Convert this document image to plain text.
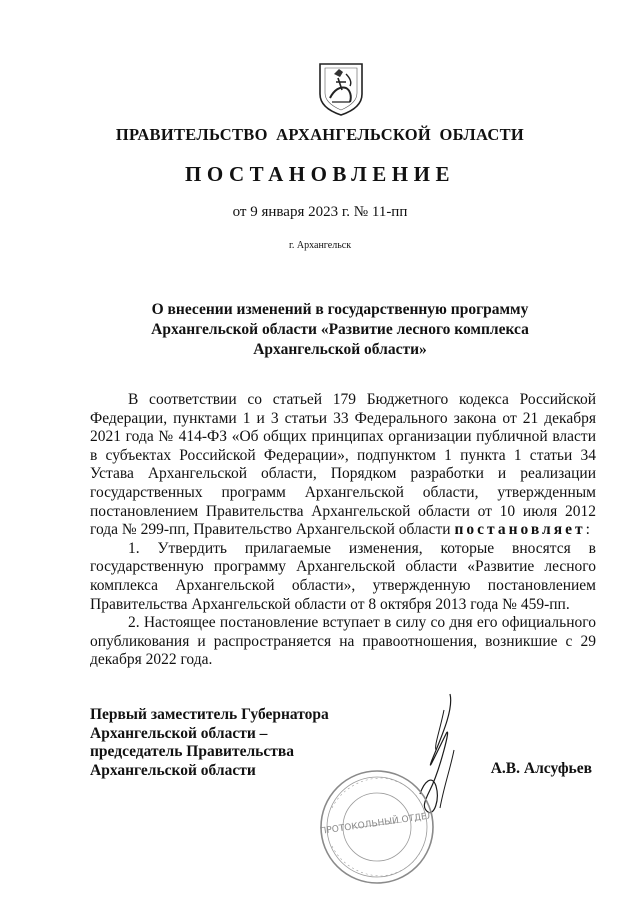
ПРАВИТЕЛЬСТВО АРХАНГЕЛЬСКОЙ ОБЛАСТИ
ПОСТАНОВЛЕНИЕ
от 9 января 2023 г. № 11-пп
г. Архангельск
О внесении изменений в государственную программу
Архангельской области «Развитие лесного комплекса
Архангельской области»

В соответствии со статьей 179 Бюджетного кодекса Российской Федерации, пунктами 1 и 3 статьи 33 Федерального закона от 21 декабря 2021 года № 414-ФЗ «Об общих принципах организации публичной власти в субъектах Российской Федерации», подпунктом 1 пункта 1 статьи 34 Устава Архангельской области, Порядком разработки и реализации государственных программ Архангельской области, утвержденным постановлением Правительства Архангельской области от 10 июля 2012 года № 299-пп, Правительство Архангельской области постановляет:

1. Утвердить прилагаемые изменения, которые вносятся в государственную программу Архангельской области «Развитие лесного комплекса Архангельской области», утвержденную постановлением Правительства Архангельской области от 8 октября 2013 года № 459-пп.

2. Настоящее постановление вступает в силу со дня его официального опубликования и распространяется на правоотношения, возникшие с 29 декабря 2022 года.

Первый заместитель Губернатора
Архангельской области –
председатель Правительства
Архангельской области	А.В. Алсуфьев
ПРОТОКОЛЬНЫЙ ОТДЕЛ
